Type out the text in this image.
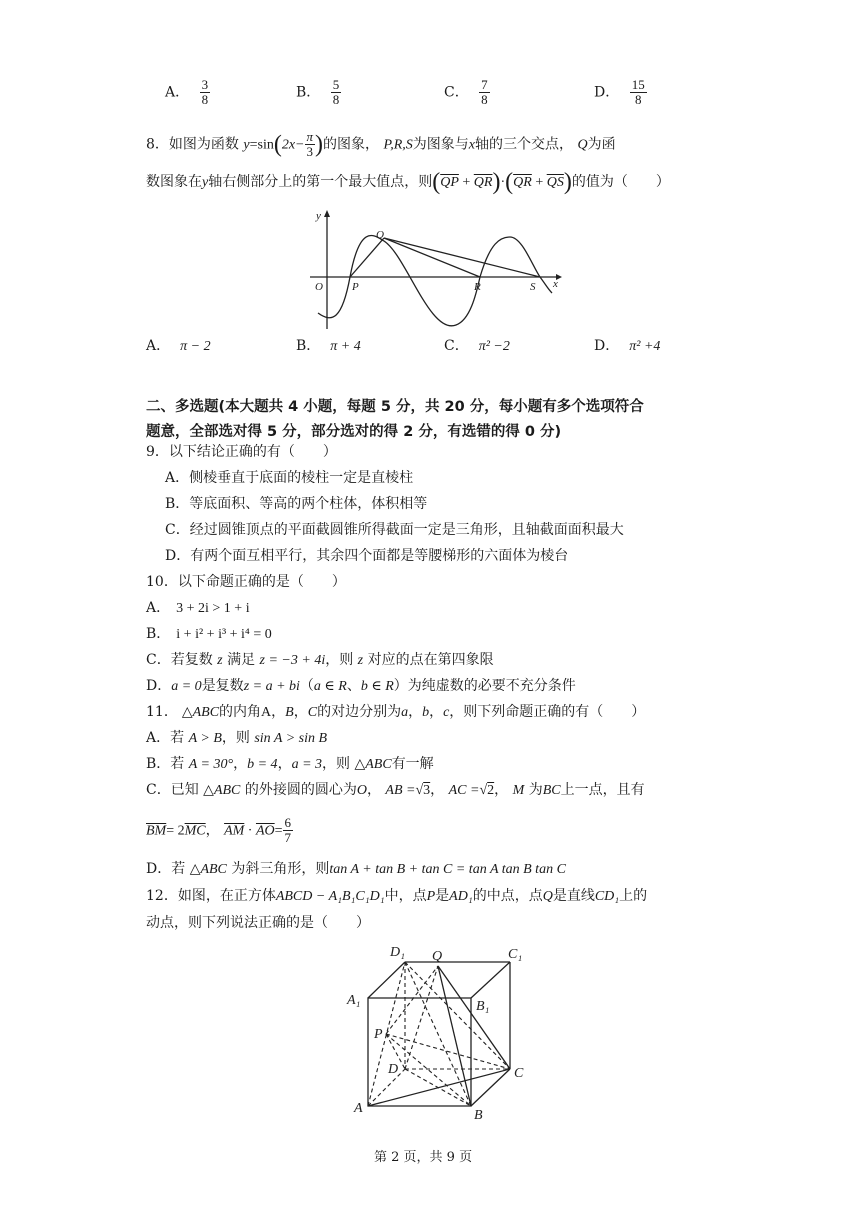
A． $\frac{3}{8}$	B． $\frac{5}{8}$	C． $\frac{7}{8}$	D． $\frac{15}{8}$
8．如图为函数 $y=\sin(2x- \frac{\pi}{3}$ )的图象， P,R,S为图象与x轴的三个交点， Q为函
数图象在y轴右侧部分上的第一个最大值点，则$(\overline{QP} + \overline{QR})\cdot(\overline{QR} + \overline{QS})$的值为（　　）
y
x
O	P
Q
R	S
A． π − 2	B． π + 4	C． π² −2	D． π² +4
二、多选题(本大题共 4 小题，每题 5 分，共 20 分，每小题有多个选项符合
题意，全部选对得 5 分，部分选对的得 2 分，有选错的得 0 分)
9．以下结论正确的有（　　）
A．侧棱垂直于底面的棱柱一定是直棱柱
B．等底面积、等高的两个柱体，体积相等
C．经过圆锥顶点的平面截圆锥所得截面一定是三角形，且轴截面面积最大
D．有两个面互相平行，其余四个面都是等腰梯形的六面体为棱台
10．以下命题正确的是（　　）
A． 3 + 2i > 1 + i
B． i + i² + i³ + i⁴ = 0
C．若复数 z 满足 z = −3 + 4i，则 z 对应的点在第四象限
D．a = 0是复数z = a + bi（a ∈ R、b ∈ R）为纯虚数的必要不充分条件
11． △ABC的内角A，B，C的对边分别为a，b，c，则下列命题正确的有（　　）
A．若 A > B，则 sin A > sin B
B．若 A = 30°，b = 4，a = 3，则 △ABC有一解
C．已知 △ABC 的外接圆的圆心为O， AB =√3， AC =√2， M 为BC上一点，且有
$\overline{BM}= 2\overline{MC}$， $\overline{AM} \cdot \overline{AO}= \frac{6}{7}$
D．若 △ABC 为斜三角形，则tan A + tan B + tan C = tan A tan B tan C
12．如图，在正方体ABCD − A₁B₁C₁D₁中，点P是AD₁的中点，点Q是直线CD₁上的
动点，则下列说法正确的是（　　）
D₁	C₁
A₁	B₁
Q
P
D	C
A	B
第 2 页，共 9 页
